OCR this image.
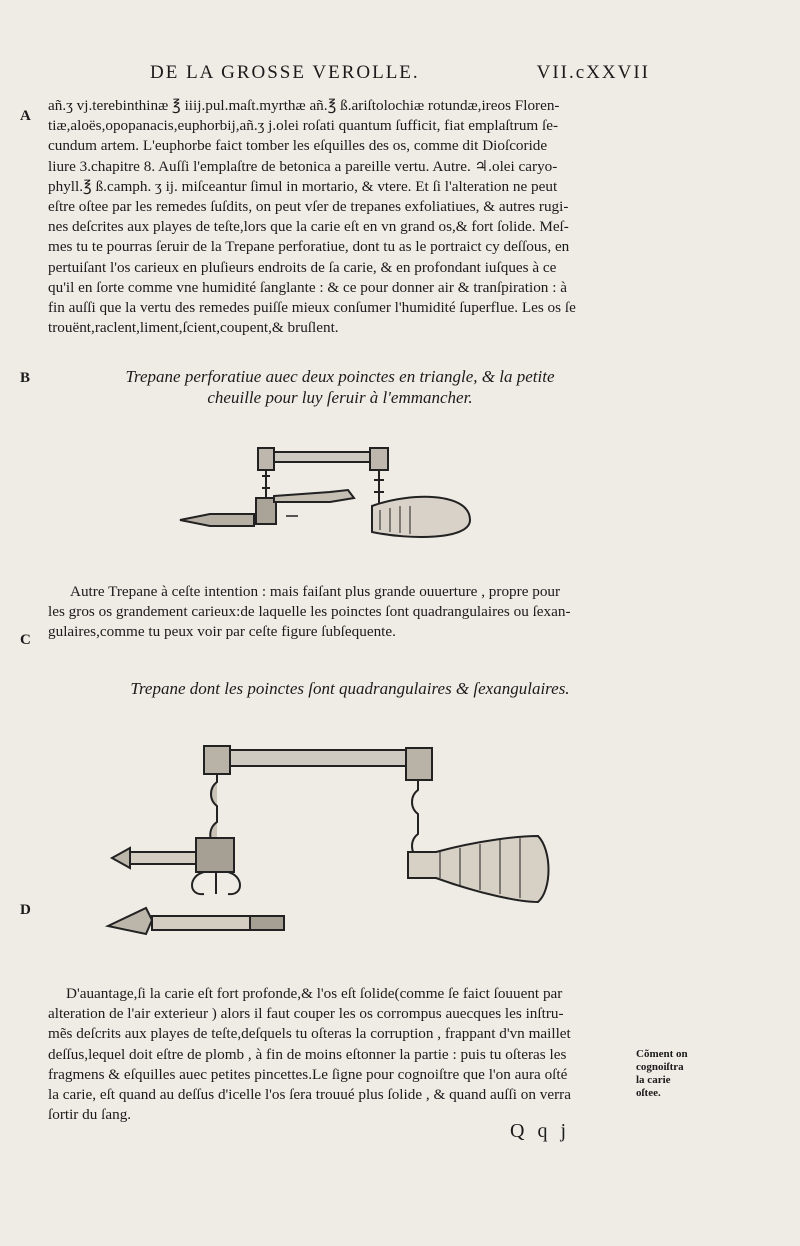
DE LA GROSSE VEROLLE.	VII.cXXVII
A
B
C
D
añ.ʒ vj.terebinthinæ ℥ iiij.pul.maſt.myrthæ añ.℥ ß.ariſtolochiæ rotundæ,ireos Floren-
tiæ,aloës,opopanacis,euphorbij,añ.ʒ j.olei roſati quantum ſufficit, fiat emplaſtrum ſe-
cundum artem. L'euphorbe faict tomber les eſquilles des os, comme dit Dioſcoride
liure 3.chapitre 8. Auſſi l'emplaſtre de betonica a pareille vertu. Autre. ♃.olei caryo-
phyll.℥ ß.camph. ʒ ij. miſceantur ſimul in mortario, & vtere. Et ſi l'alteration ne peut
eſtre oſtee par les remedes ſuſdits, on peut vſer de trepanes exfoliatiues, & autres rugi-
nes deſcrites aux playes de teſte,lors que la carie eſt en vn grand os,& fort ſolide. Meſ-
mes tu te pourras ſeruir de la Trepane perforatiue, dont tu as le portraict cy deſſous, en
pertuiſant l'os carieux en pluſieurs endroits de ſa carie, & en profondant iuſques à ce
qu'il en ſorte comme vne humidité ſanglante : & ce pour donner air & tranſpiration : à
fin auſſi que la vertu des remedes puiſſe mieux conſumer l'humidité ſuperflue. Les os ſe
trouënt,raclent,liment,ſcient,coupent,& bruſlent.
Trepane perforatiue auec deux poinctes en triangle, & la petite
cheuille pour luy ſeruir à l'emmancher.
Autre Trepane à ceſte intention : mais faiſant plus grande ouuerture , propre pour
les gros os grandement carieux:de laquelle les poinctes ſont quadrangulaires ou ſexan-
gulaires,comme tu peux voir par ceſte figure ſubſequente.
Trepane dont les poinctes ſont quadrangulaires & ſexangulaires.
D'auantage,ſi la carie eſt fort profonde,& l'os eſt ſolide(comme ſe faict ſouuent par
alteration de l'air exterieur ) alors il faut couper les os corrompus auecques les inſtru-
mẽs deſcrits aux playes de teſte,deſquels tu oſteras la corruption , frappant d'vn maillet
deſſus,lequel doit eſtre de plomb , à fin de moins eſtonner la partie : puis tu oſteras les
fragmens & eſquilles auec petites pincettes.Le ſigne pour cognoiſtre que l'on aura oſté
la carie, eſt quand au deſſus d'icelle l'os ſera trouué plus ſolide , & quand auſſi on verra
ſortir du ſang.
Cõment on
cognoiſtra
la carie
oſtee.
Q q j
